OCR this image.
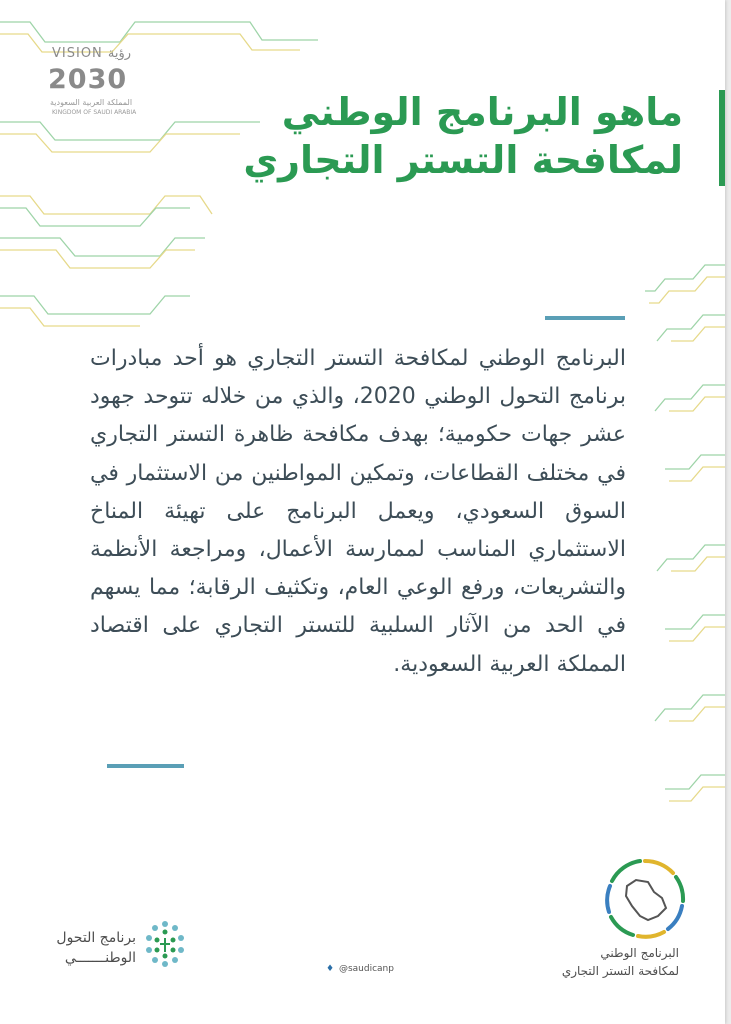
VISION رؤية
2030
المملكة العربية السعودية
KINGDOM OF SAUDI ARABIA	ماهو البرنامج الوطني
لمكافحة التستر التجاري

البرنامج الوطني لمكافحة التستر التجاري هو أحد مبادرات برنامج التحول الوطني 2020، والذي من خلاله تتوحد جهود عشر جهات حكومية؛ بهدف مكافحة ظاهرة التستر التجاري في مختلف القطاعات، وتمكين المواطنين من الاستثمار في السوق السعودي، ويعمل البرنامج على تهيئة المناخ الاستثماري المناسب لممارسة الأعمال، ومراجعة الأنظمة والتشريعات، ورفع الوعي العام، وتكثيف الرقابة؛ مما يسهم في الحد من الآثار السلبية للتستر التجاري على اقتصاد المملكة العربية السعودية.

البرنامج الوطني
لمكافحة التستر التجاري
برنامج التحول
الوطنـــــــي
♦ @saudicanp
